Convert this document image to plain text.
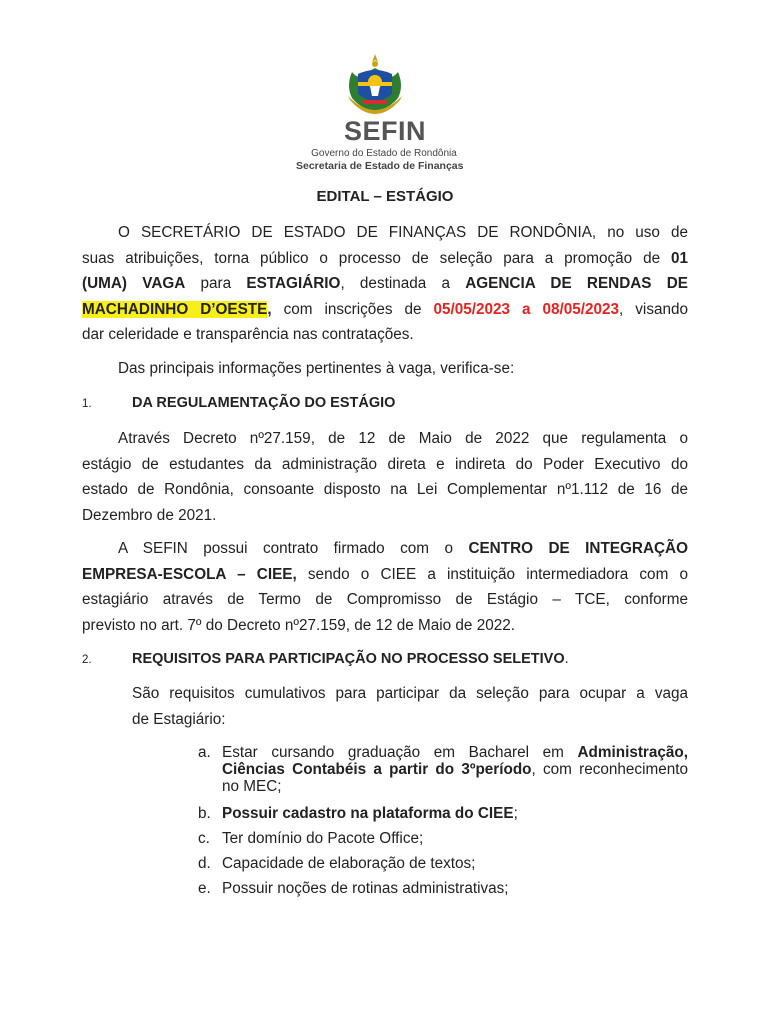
SEFIN
Governo do Estado de Rondônia
Secretaria de Estado de Finanças
EDITAL – ESTÁGIO
O SECRETÁRIO DE ESTADO DE FINANÇAS DE RONDÔNIA, no uso de
suas atribuições, torna público o processo de seleção para a promoção de 01
(UMA) VAGA para ESTAGIÁRIO, destinada a AGENCIA DE RENDAS DE
MACHADINHO D’OESTE, com inscrições de 05/05/2023 a 08/05/2023, visando
dar celeridade e transparência nas contratações.
Das principais informações pertinentes à vaga, verifica-se:
1.	DA REGULAMENTAÇÃO DO ESTÁGIO
Através Decreto nº27.159, de 12 de Maio de 2022 que regulamenta o
estágio de estudantes da administração direta e indireta do Poder Executivo do
estado de Rondônia, consoante disposto na Lei Complementar nº1.112 de 16 de
Dezembro de 2021.
A SEFIN possui contrato firmado com o CENTRO DE INTEGRAÇÃO
EMPRESA-ESCOLA – CIEE, sendo o CIEE a instituição intermediadora com o
estagiário através de Termo de Compromisso de Estágio – TCE, conforme
previsto no art. 7º do Decreto nº27.159, de 12 de Maio de 2022.
2.	REQUISITOS PARA PARTICIPAÇÃO NO PROCESSO SELETIVO.
São requisitos cumulativos para participar da seleção para ocupar a vaga
de Estagiário:
a. Estar cursando graduação em Bacharel em Administração, Ciências Contabéis a partir do 3ºperíodo, com reconhecimento no MEC;
b. Possuir cadastro na plataforma do CIEE;
c. Ter domínio do Pacote Office;
d. Capacidade de elaboração de textos;
e. Possuir noções de rotinas administrativas;
